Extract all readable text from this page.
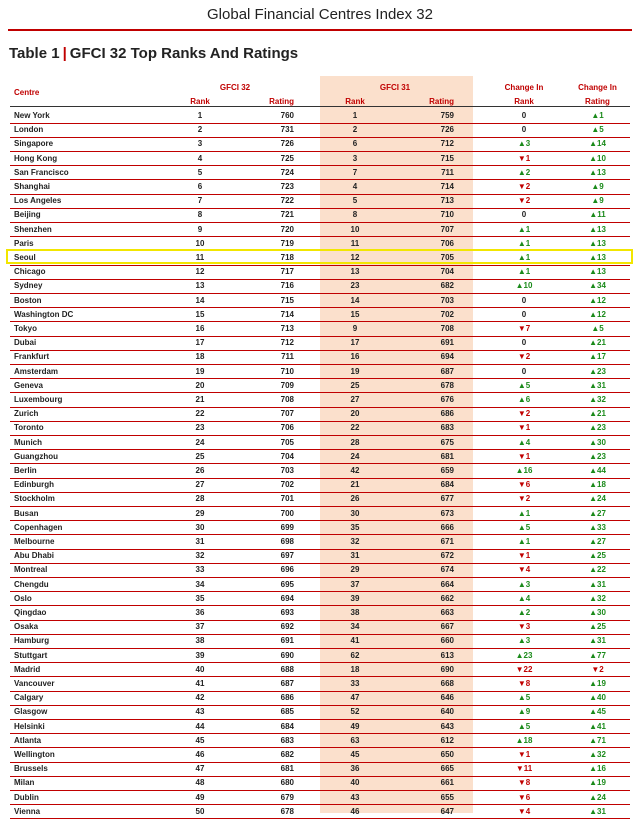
Global Financial Centres Index 32
Table 1 | GFCI 32 Top Ranks And Ratings
Centre
GFCI 32
Rank	Rating
GFCI 31
Rank	Rating
Change In
Rank
Change In
Rating
New York	1	760	1	759	0	▲1
London	2	731	2	726	0	▲5
Singapore	3	726	6	712	▲3	▲14
Hong Kong	4	725	3	715	▼1	▲10
San Francisco	5	724	7	711	▲2	▲13
Shanghai	6	723	4	714	▼2	▲9
Los Angeles	7	722	5	713	▼2	▲9
Beijing	8	721	8	710	0	▲11
Shenzhen	9	720	10	707	▲1	▲13
Paris	10	719	11	706	▲1	▲13
Seoul	11	718	12	705	▲1	▲13
Chicago	12	717	13	704	▲1	▲13
Sydney	13	716	23	682	▲10	▲34
Boston	14	715	14	703	0	▲12
Washington DC	15	714	15	702	0	▲12
Tokyo	16	713	9	708	▼7	▲5
Dubai	17	712	17	691	0	▲21
Frankfurt	18	711	16	694	▼2	▲17
Amsterdam	19	710	19	687	0	▲23
Geneva	20	709	25	678	▲5	▲31
Luxembourg	21	708	27	676	▲6	▲32
Zurich	22	707	20	686	▼2	▲21
Toronto	23	706	22	683	▼1	▲23
Munich	24	705	28	675	▲4	▲30
Guangzhou	25	704	24	681	▼1	▲23
Berlin	26	703	42	659	▲16	▲44
Edinburgh	27	702	21	684	▼6	▲18
Stockholm	28	701	26	677	▼2	▲24
Busan	29	700	30	673	▲1	▲27
Copenhagen	30	699	35	666	▲5	▲33
Melbourne	31	698	32	671	▲1	▲27
Abu Dhabi	32	697	31	672	▼1	▲25
Montreal	33	696	29	674	▼4	▲22
Chengdu	34	695	37	664	▲3	▲31
Oslo	35	694	39	662	▲4	▲32
Qingdao	36	693	38	663	▲2	▲30
Osaka	37	692	34	667	▼3	▲25
Hamburg	38	691	41	660	▲3	▲31
Stuttgart	39	690	62	613	▲23	▲77
Madrid	40	688	18	690	▼22	▼2
Vancouver	41	687	33	668	▼8	▲19
Calgary	42	686	47	646	▲5	▲40
Glasgow	43	685	52	640	▲9	▲45
Helsinki	44	684	49	643	▲5	▲41
Atlanta	45	683	63	612	▲18	▲71
Wellington	46	682	45	650	▼1	▲32
Brussels	47	681	36	665	▼11	▲16
Milan	48	680	40	661	▼8	▲19
Dublin	49	679	43	655	▼6	▲24
Vienna	50	678	46	647	▼4	▲31
